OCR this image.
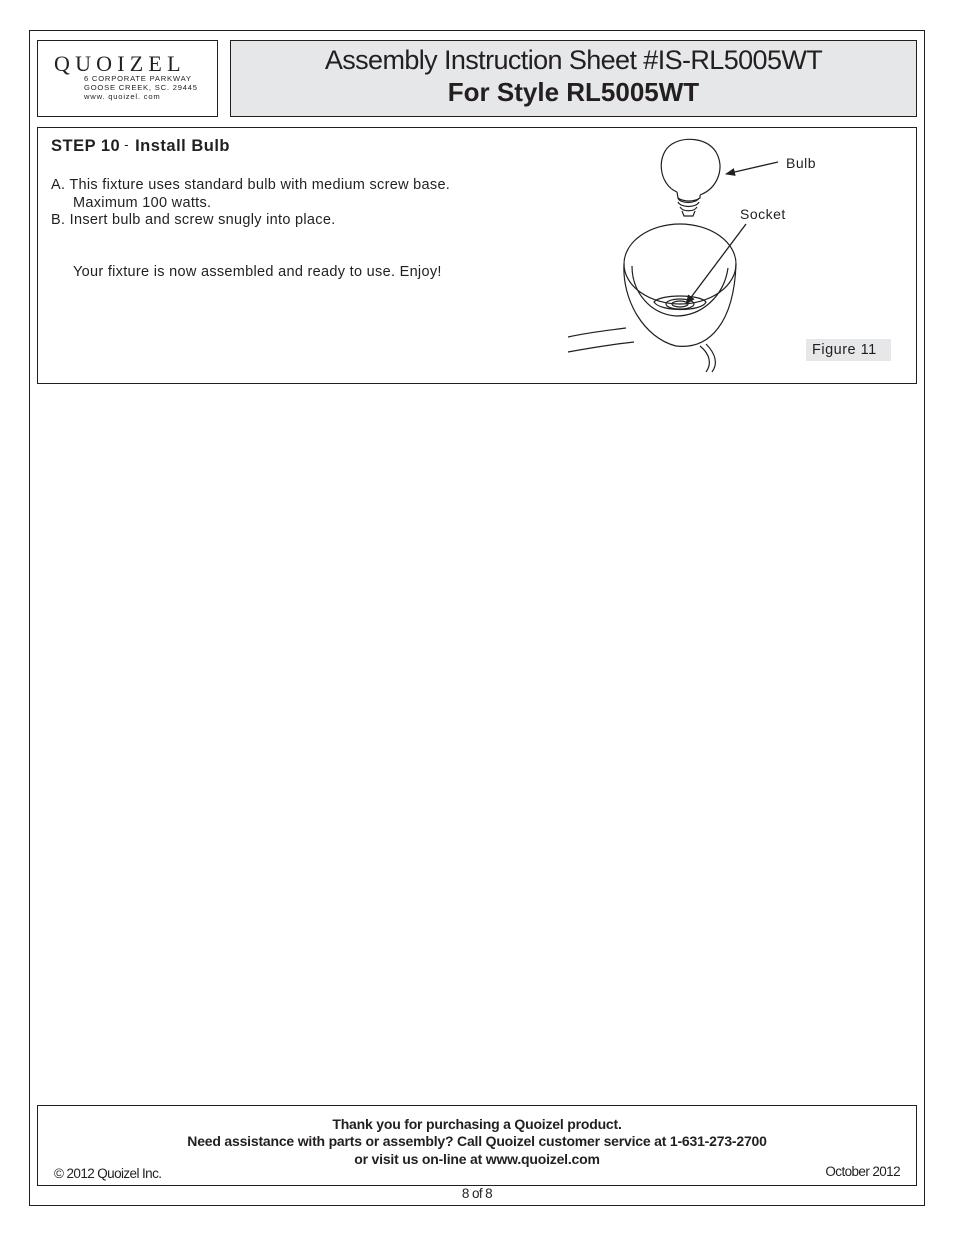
QUOIZEL
6 CORPORATE PARKWAY
GOOSE CREEK, SC. 29445
www. quoizel. com
Assembly Instruction Sheet #IS-RL5005WT
For Style RL5005WT
STEP 10 - Install Bulb
A. This fixture uses standard bulb with medium screw base.
Maximum 100 watts.
B. Insert bulb and screw snugly into place.
Your fixture is now assembled and ready to use. Enjoy!
Bulb
Socket
Figure 11
Thank you for purchasing a Quoizel product.
Need assistance with parts or assembly? Call Quoizel customer service at 1-631-273-2700
or visit us on-line at www.quoizel.com
© 2012 Quoizel Inc.	October 2012
8 of 8
